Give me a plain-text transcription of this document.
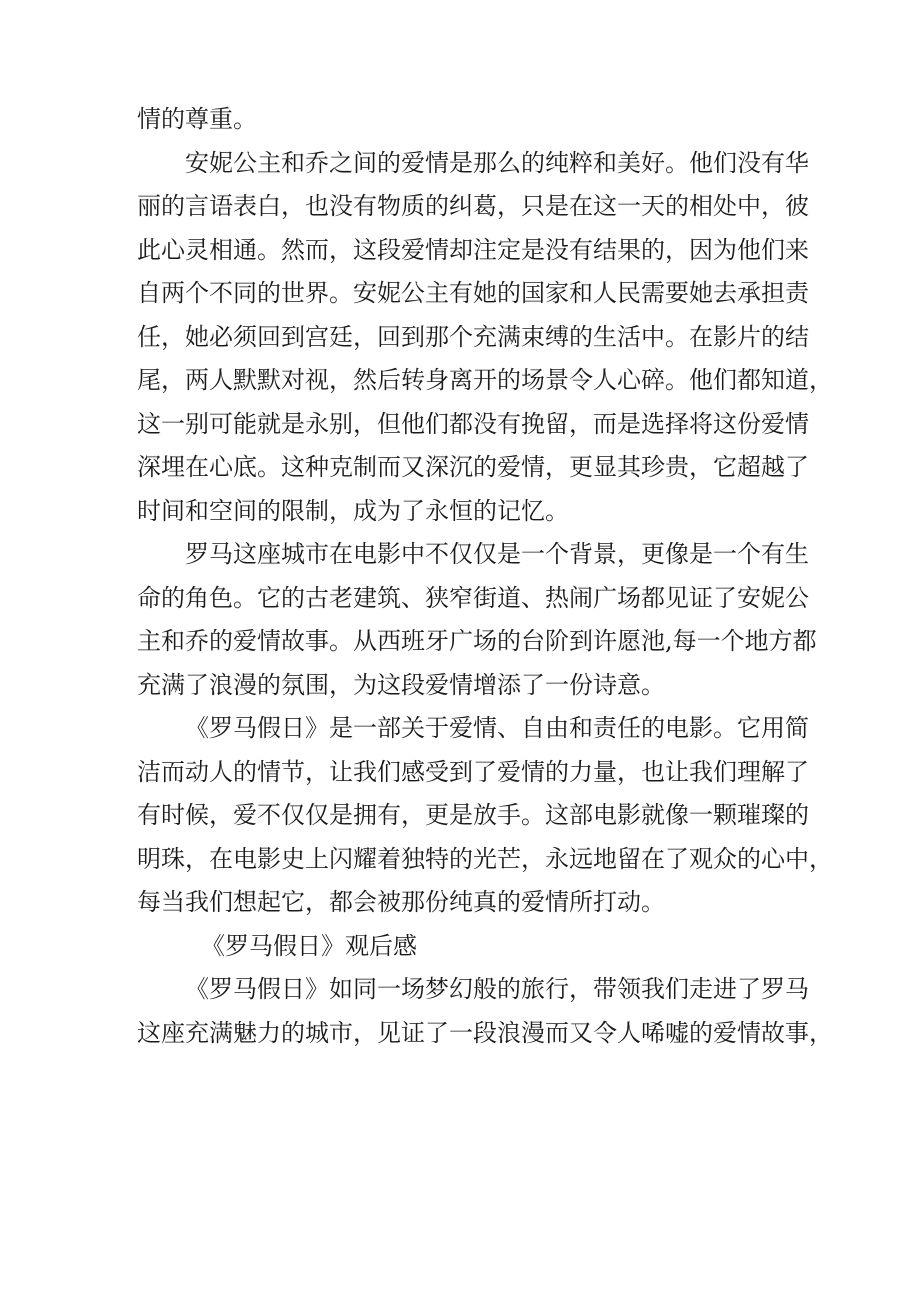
情的尊重。
安妮公主和乔之间的爱情是那么的纯粹和美好。他们没有华
丽的言语表白，也没有物质的纠葛，只是在这一天的相处中，彼
此心灵相通。然而，这段爱情却注定是没有结果的，因为他们来
自两个不同的世界。安妮公主有她的国家和人民需要她去承担责
任，她必须回到宫廷，回到那个充满束缚的生活中。在影片的结
尾，两人默默对视，然后转身离开的场景令人心碎。他们都知道，
这一别可能就是永别，但他们都没有挽留，而是选择将这份爱情
深埋在心底。这种克制而又深沉的爱情，更显其珍贵，它超越了
时间和空间的限制，成为了永恒的记忆。
罗马这座城市在电影中不仅仅是一个背景，更像是一个有生
命的角色。它的古老建筑、狭窄街道、热闹广场都见证了安妮公
主和乔的爱情故事。从西班牙广场的台阶到许愿池,每一个地方都
充满了浪漫的氛围，为这段爱情增添了一份诗意。
《罗马假日》是一部关于爱情、自由和责任的电影。它用简
洁而动人的情节，让我们感受到了爱情的力量，也让我们理解了
有时候，爱不仅仅是拥有，更是放手。这部电影就像一颗璀璨的
明珠，在电影史上闪耀着独特的光芒，永远地留在了观众的心中，
每当我们想起它，都会被那份纯真的爱情所打动。
《罗马假日》观后感
《罗马假日》如同一场梦幻般的旅行，带领我们走进了罗马
这座充满魅力的城市，见证了一段浪漫而又令人唏嘘的爱情故事，
